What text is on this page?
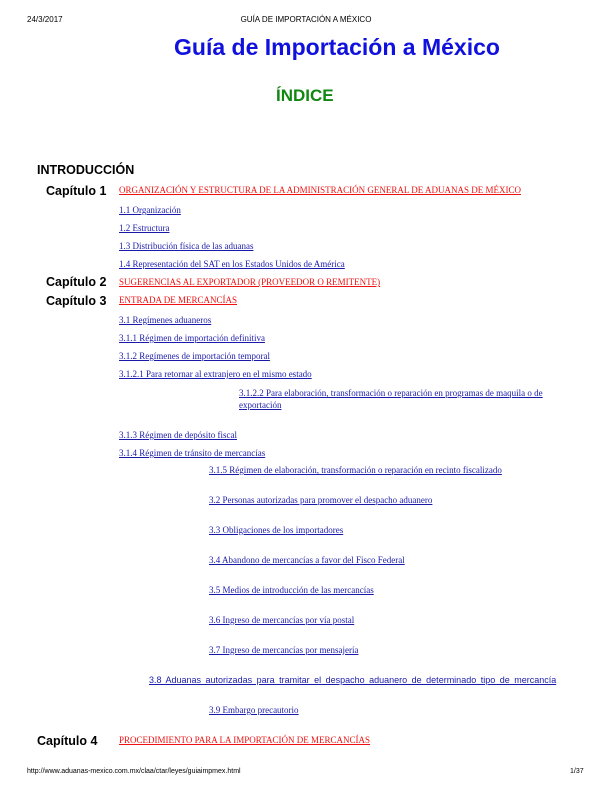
24/3/2017	GUÍA DE IMPORTACIÓN A MÉXICO
Guía de Importación a México
ÍNDICE
INTRODUCCIÓN
Capítulo 1 ORGANIZACIÓN Y ESTRUCTURA DE LA ADMINISTRACIÓN GENERAL DE ADUANAS DE MÉXICO
1.1 Organización
1.2 Estructura
1.3 Distribución física de las aduanas
1.4 Representación del SAT en los Estados Unidos de América
Capítulo 2 SUGERENCIAS AL EXPORTADOR (PROVEEDOR O REMITENTE)
Capítulo 3 ENTRADA DE MERCANCÍAS
3.1 Regímenes aduaneros
3.1.1 Régimen de importación definitiva
3.1.2 Regímenes de importación temporal
3.1.2.1 Para retornar al extranjero en el mismo estado
3.1.2.2 Para elaboración, transformación o reparación en programas de maquila o de exportación
3.1.3 Régimen de depósito fiscal
3.1.4 Régimen de tránsito de mercancías
3.1.5 Régimen de elaboración, transformación o reparación en recinto fiscalizado
3.2 Personas autorizadas para promover el despacho aduanero
3.3 Obligaciones de los importadores
3.4 Abandono de mercancías a favor del Fisco Federal
3.5 Medios de introducción de las mercancías
3.6 Ingreso de mercancías por vía postal
3.7 Ingreso de mercancías por mensajería
3.8 Aduanas autorizadas para tramitar el despacho aduanero de determinado tipo de mercancía
3.9 Embargo precautorio
Capítulo 4 PROCEDIMIENTO PARA LA IMPORTACIÓN DE MERCANCÍAS
http://www.aduanas-mexico.com.mx/claa/ctar/leyes/guiaimpmex.html	1/37
